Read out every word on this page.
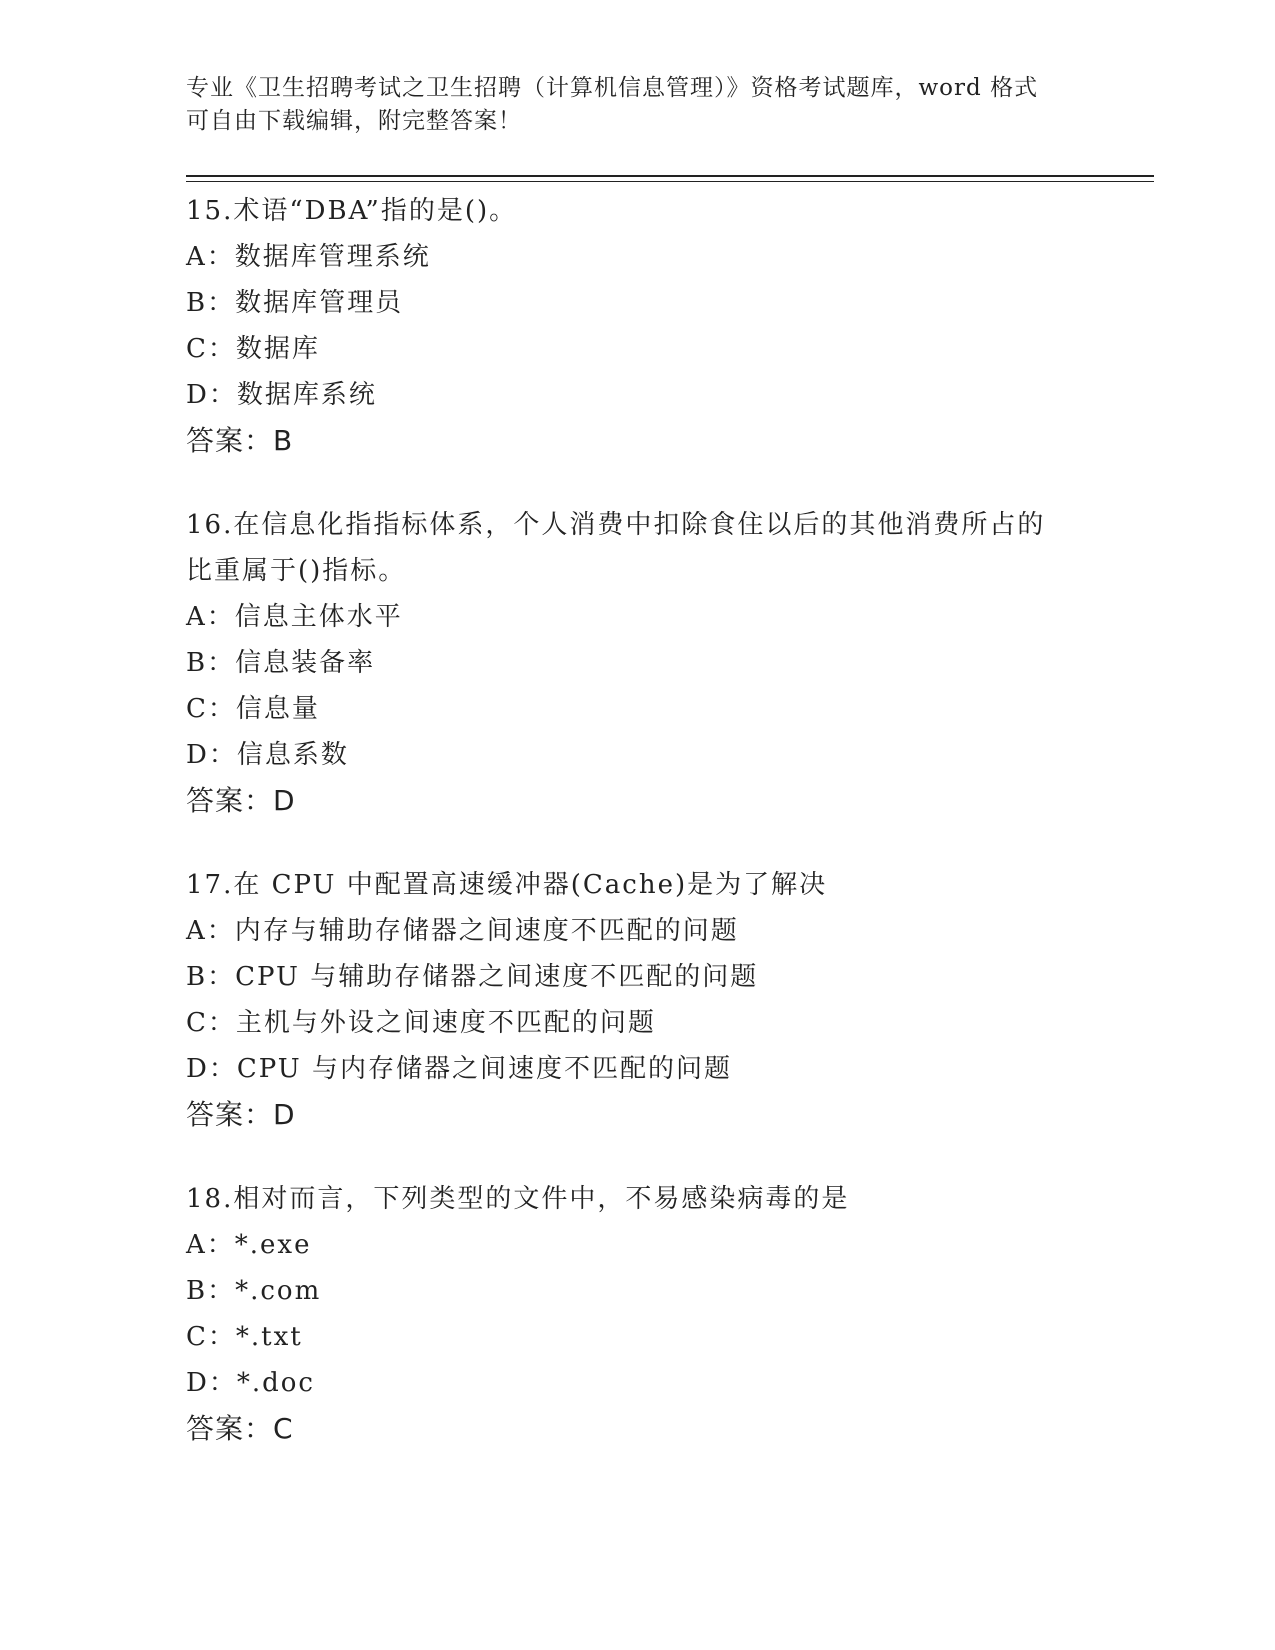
专业《卫生招聘考试之卫生招聘（计算机信息管理）》资格考试题库，word 格式
可自由下载编辑，附完整答案！
15.术语“DBA”指的是()。
A：数据库管理系统
B：数据库管理员
C：数据库
D：数据库系统
答案：B
16.在信息化指指标体系，个人消费中扣除食住以后的其他消费所占的
比重属于()指标。
A：信息主体水平
B：信息装备率
C：信息量
D：信息系数
答案：D
17.在 CPU 中配置高速缓冲器(Cache)是为了解决
A：内存与辅助存储器之间速度不匹配的问题
B：CPU 与辅助存储器之间速度不匹配的问题
C：主机与外设之间速度不匹配的问题
D：CPU 与内存储器之间速度不匹配的问题
答案：D
18.相对而言，下列类型的文件中，不易感染病毒的是
A：*.exe
B：*.com
C：*.txt
D：*.doc
答案：C
